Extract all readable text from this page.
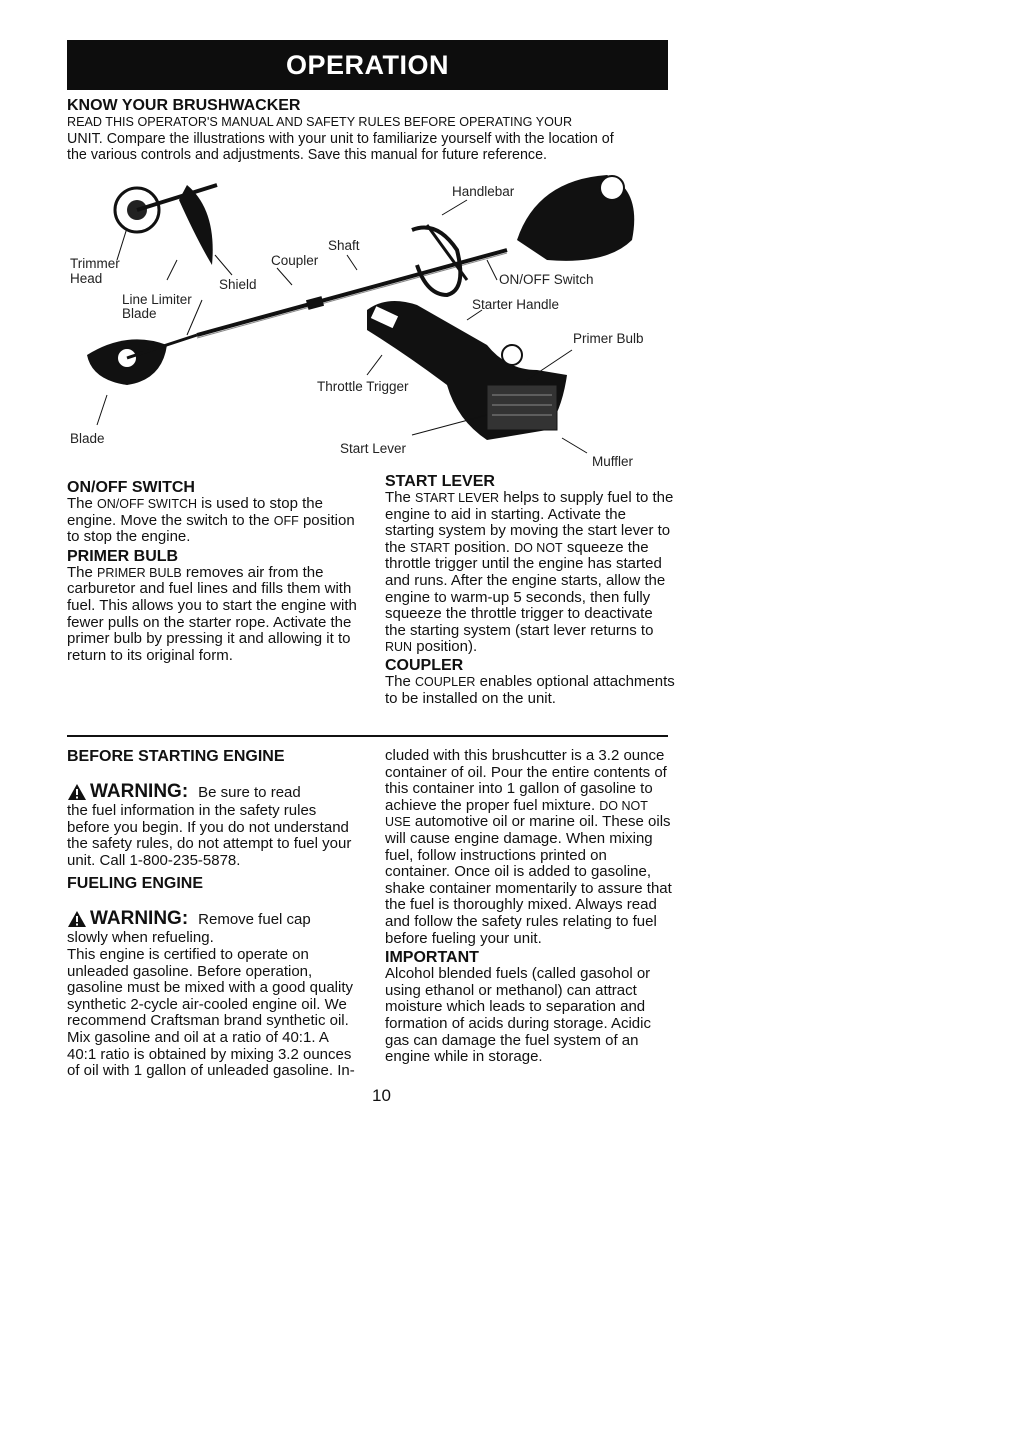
OPERATION

KNOW YOUR BRUSHWACKER

READ THIS OPERATOR'S MANUAL AND SAFETY RULES BEFORE OPERATING YOUR

UNIT. Compare the illustrations with your unit to familiarize yourself with the location of

the various controls and adjustments. Save this manual for future reference.

Handlebar
Shaft
Coupler
Trimmer
Head	Shield
Line Limiter
Blade
ON/OFF Switch
Starter Handle
Primer Bulb
Throttle Trigger
Blade
Start Lever
Muffler

ON/OFF SWITCH

The ON/OFF SWITCH is used to stop the engine. Move the switch to the OFF position to stop the engine.

PRIMER BULB

The PRIMER BULB removes air from the carburetor and fuel lines and fills them with fuel. This allows you to start the engine with fewer pulls on the starter rope. Activate the primer bulb by pressing it and allowing it to return to its original form.

START LEVER

The START LEVER helps to supply fuel to the engine to aid in starting. Activate the starting system by moving the start lever to the START position. DO NOT squeeze the throttle trigger until the engine has started and runs. After the engine starts, allow the engine to warm-up 5 seconds, then fully squeeze the throttle trigger to deactivate the starting system (start lever returns to RUN position).

COUPLER

The COUPLER enables optional attachments to be installed on the unit.

BEFORE STARTING ENGINE

WARNING: Be sure to read

the fuel information in the safety rules before you begin. If you do not understand the safety rules, do not attempt to fuel your unit. Call 1-800-235-5878.

FUELING ENGINE

WARNING: Remove fuel cap

slowly when refueling.

This engine is certified to operate on unleaded gasoline. Before operation, gasoline must be mixed with a good quality synthetic 2-cycle air-cooled engine oil. We recommend Craftsman brand synthetic oil. Mix gasoline and oil at a ratio of 40:1. A 40:1 ratio is obtained by mixing 3.2 ounces of oil with 1 gallon of unleaded gasoline. In-

cluded with this brushcutter is a 3.2 ounce container of oil. Pour the entire contents of this container into 1 gallon of gasoline to achieve the proper fuel mixture. DO NOT USE automotive oil or marine oil. These oils will cause engine damage. When mixing fuel, follow instructions printed on container. Once oil is added to gasoline, shake container momentarily to assure that the fuel is thoroughly mixed. Always read and follow the safety rules relating to fuel before fueling your unit.

IMPORTANT

Alcohol blended fuels (called gasohol or using ethanol or methanol) can attract moisture which leads to separation and formation of acids during storage. Acidic gas can damage the fuel system of an engine while in storage.

10
